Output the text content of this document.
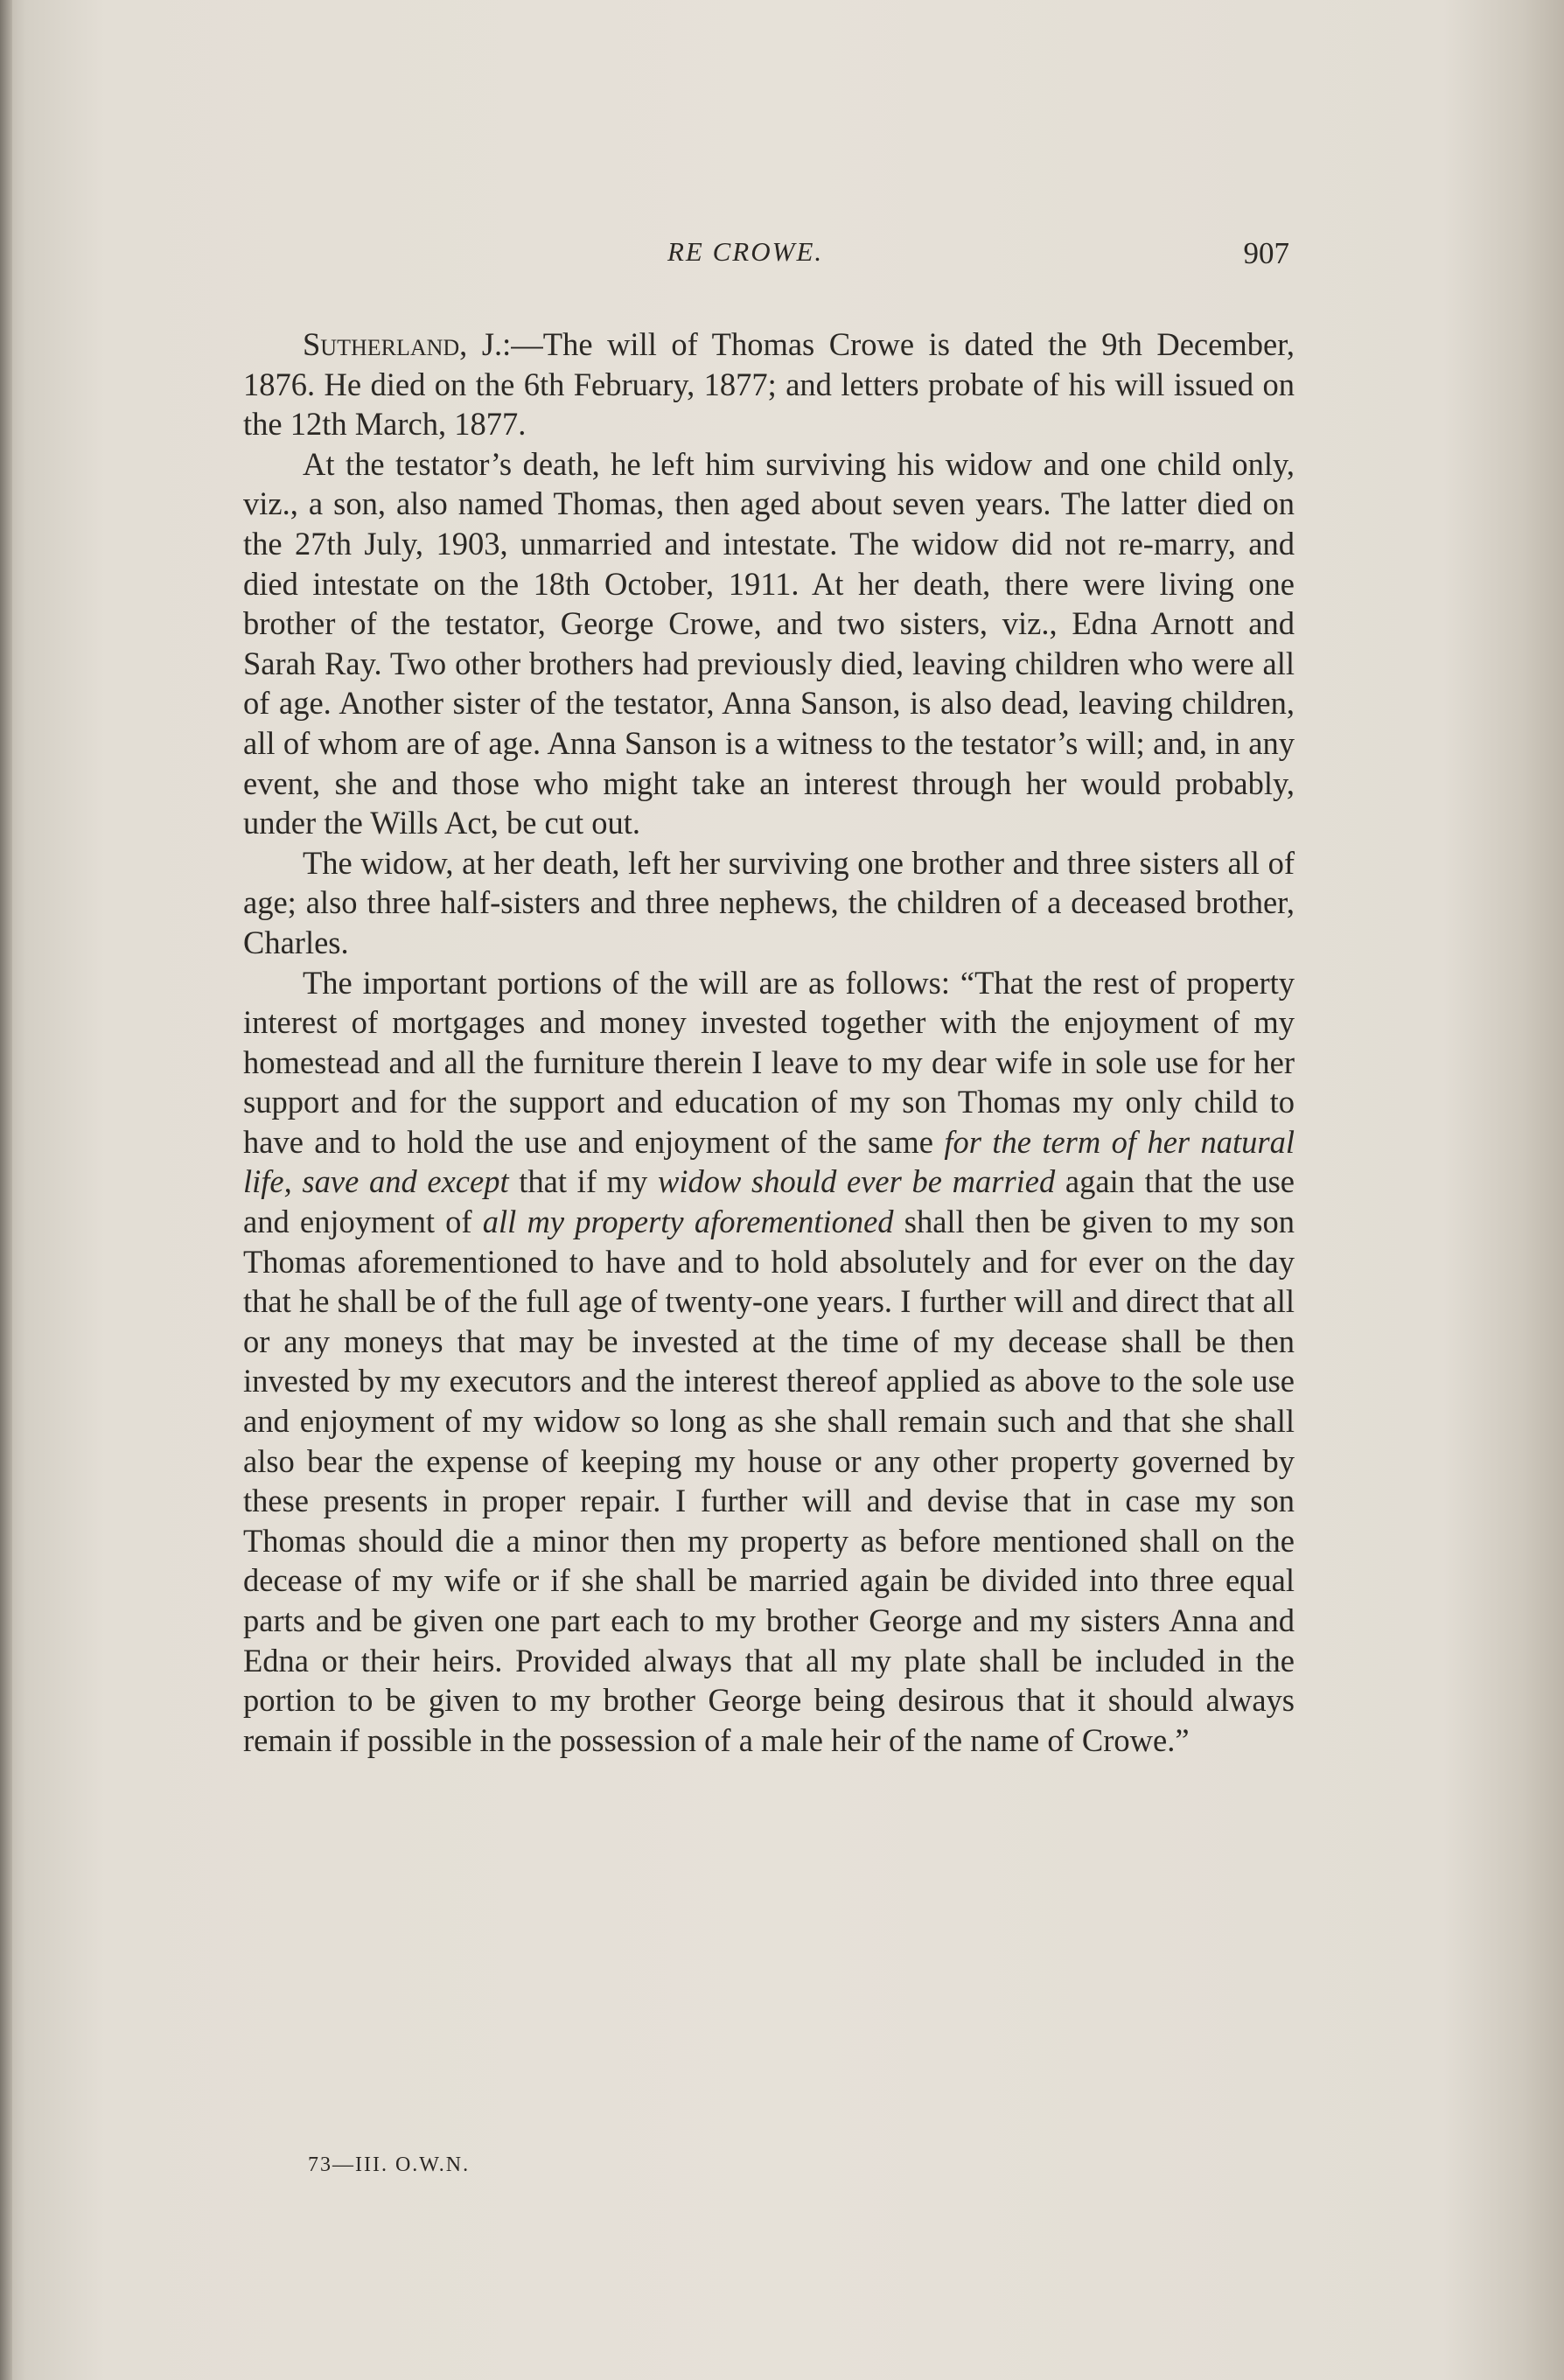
RE CROWE.	907

Sutherland, J.:—The will of Thomas Crowe is dated the 9th December, 1876. He died on the 6th February, 1877; and letters probate of his will issued on the 12th March, 1877.

At the testator’s death, he left him surviving his widow and one child only, viz., a son, also named Thomas, then aged about seven years. The latter died on the 27th July, 1903, unmarried and intestate. The widow did not re-marry, and died intestate on the 18th October, 1911. At her death, there were living one brother of the testator, George Crowe, and two sisters, viz., Edna Arnott and Sarah Ray. Two other brothers had previously died, leaving children who were all of age. Another sister of the testator, Anna Sanson, is also dead, leaving children, all of whom are of age. Anna Sanson is a witness to the testator’s will; and, in any event, she and those who might take an interest through her would probably, under the Wills Act, be cut out.

The widow, at her death, left her surviving one brother and three sisters all of age; also three half-sisters and three nephews, the children of a deceased brother, Charles.

The important portions of the will are as follows: “That the rest of property interest of mortgages and money invested together with the enjoyment of my homestead and all the furniture therein I leave to my dear wife in sole use for her support and for the support and education of my son Thomas my only child to have and to hold the use and enjoyment of the same for the term of her natural life, save and except that if my widow should ever be married again that the use and enjoyment of all my property aforementioned shall then be given to my son Thomas aforementioned to have and to hold absolutely and for ever on the day that he shall be of the full age of twenty-one years. I further will and direct that all or any moneys that may be invested at the time of my decease shall be then invested by my executors and the interest thereof applied as above to the sole use and enjoyment of my widow so long as she shall remain such and that she shall also bear the expense of keeping my house or any other property governed by these presents in proper repair. I further will and devise that in case my son Thomas should die a minor then my property as before mentioned shall on the decease of my wife or if she shall be married again be divided into three equal parts and be given one part each to my brother George and my sisters Anna and Edna or their heirs. Provided always that all my plate shall be included in the portion to be given to my brother George being desirous that it should always remain if possible in the possession of a male heir of the name of Crowe.”

73—III. O.W.N.
